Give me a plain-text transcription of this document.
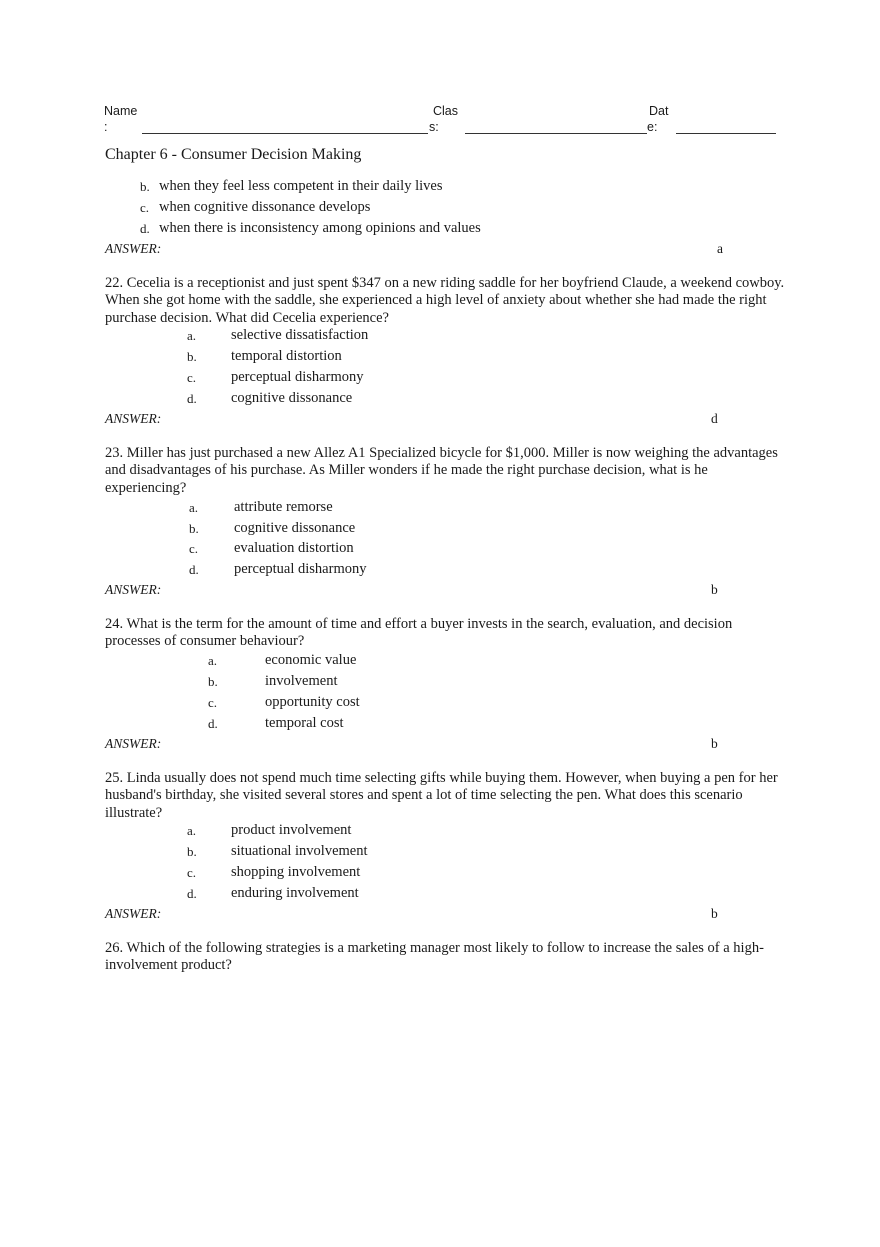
Name
:
Clas
s:
Dat
e:
Chapter 6 - Consumer Decision Making
b. when they feel less competent in their daily lives
c. when cognitive dissonance develops
d. when there is inconsistency among opinions and values
ANSWER:	a
22. Cecelia is a receptionist and just spent $347 on a new riding saddle for her boyfriend Claude, a weekend cowboy. When she got home with the saddle, she experienced a high level of anxiety about whether she had made the right purchase decision. What did Cecelia experience?
a. selective dissatisfaction
b. temporal distortion
c. perceptual disharmony
d. cognitive dissonance
ANSWER:	d
23. Miller has just purchased a new Allez A1 Specialized bicycle for $1,000. Miller is now weighing the advantages and disadvantages of his purchase. As Miller wonders if he made the right purchase decision, what is he experiencing?
a. attribute remorse
b. cognitive dissonance
c. evaluation distortion
d. perceptual disharmony
ANSWER:	b
24. What is the term for the amount of time and effort a buyer invests in the search, evaluation, and decision processes of consumer behaviour?
a.	economic value
b.	involvement
c.	opportunity cost
d.	temporal cost
ANSWER:	b
25. Linda usually does not spend much time selecting gifts while buying them. However, when buying a pen for her husband's birthday, she visited several stores and spent a lot of time selecting the pen. What does this scenario illustrate?
a. product involvement
b. situational involvement
c. shopping involvement
d. enduring involvement
ANSWER:	b
26. Which of the following strategies is a marketing manager most likely to follow to increase the sales of a high-involvement product?
